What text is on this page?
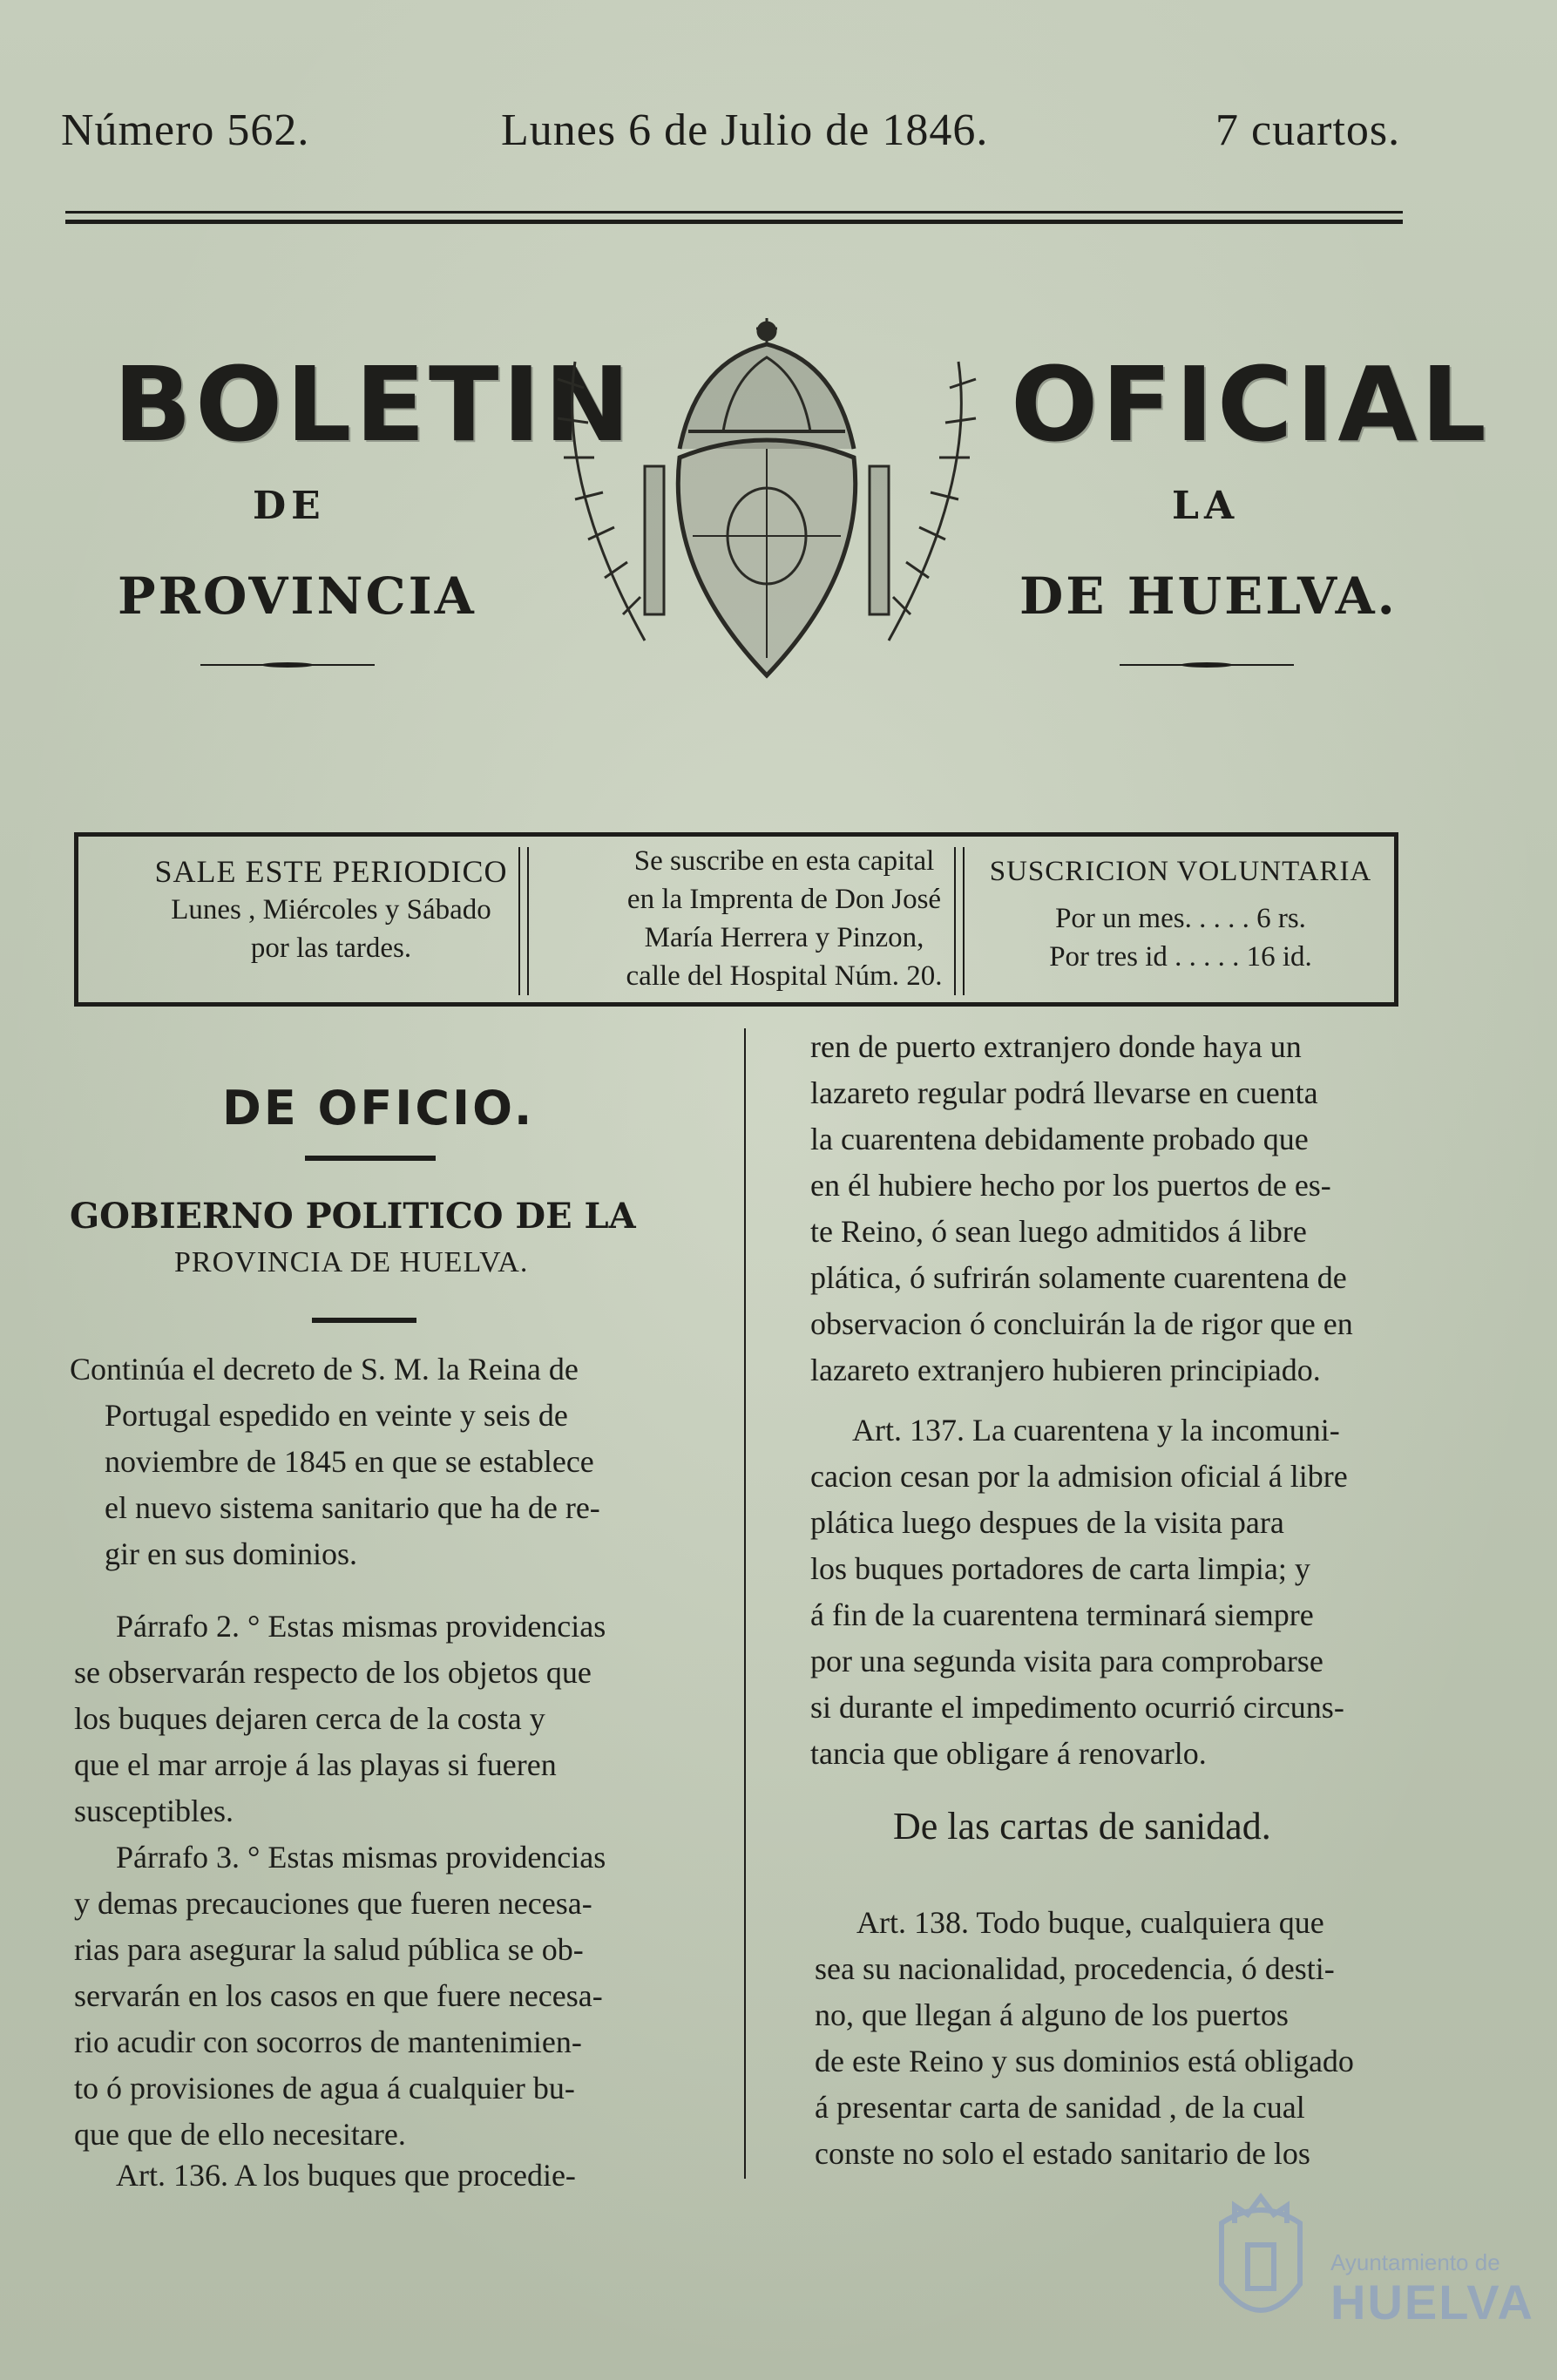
Número 562.	Lunes 6 de Julio de 1846.	7 cuartos.
BOLETIN
DE
PROVINCIA
OFICIAL
LA
DE HUELVA.
SALE ESTE PERIODICO
Lunes , Miércoles y Sábado
por las tardes.
Se suscribe en esta capital
en la Imprenta de Don José
María Herrera y Pinzon,
calle del Hospital Núm. 20.
SUSCRICION VOLUNTARIA
Por un mes. . . . . 6 rs.
Por tres id . . . . . 16 id.
DE OFICIO.
GOBIERNO POLITICO DE LA
PROVINCIA DE HUELVA.
Continúa el decreto de S. M. la Reina de
Portugal espedido en veinte y seis de
noviembre de 1845 en que se establece
el nuevo sistema sanitario que ha de re-
gir en sus dominios.
Párrafo 2. ° Estas mismas providencias
se observarán respecto de los objetos que
los buques dejaren cerca de la costa y
que el mar arroje á las playas si fueren
susceptibles.
Párrafo 3. ° Estas mismas providencias
y demas precauciones que fueren necesa-
rias para asegurar la salud pública se ob-
servarán en los casos en que fuere necesa-
rio acudir con socorros de mantenimien-
to ó provisiones de agua á cualquier bu-
que que de ello necesitare.
Art. 136. A los buques que procedie-
ren de puerto extranjero donde haya un
lazareto regular podrá llevarse en cuenta
la cuarentena debidamente probado que
en él hubiere hecho por los puertos de es-
te Reino, ó sean luego admitidos á libre
plática, ó sufrirán solamente cuarentena de
observacion ó concluirán la de rigor que en
lazareto extranjero hubieren principiado.
Art. 137. La cuarentena y la incomuni-
cacion cesan por la admision oficial á libre
plática luego despues de la visita para
los buques portadores de carta limpia; y
á fin de la cuarentena terminará siempre
por una segunda visita para comprobarse
si durante el impedimento ocurrió circuns-
tancia que obligare á renovarlo.
De las cartas de sanidad.
Art. 138. Todo buque, cualquiera que
sea su nacionalidad, procedencia, ó desti-
no, que llegan á alguno de los puertos
de este Reino y sus dominios está obligado
á presentar carta de sanidad , de la cual
conste no solo el estado sanitario de los
Ayuntamiento de
HUELVA
